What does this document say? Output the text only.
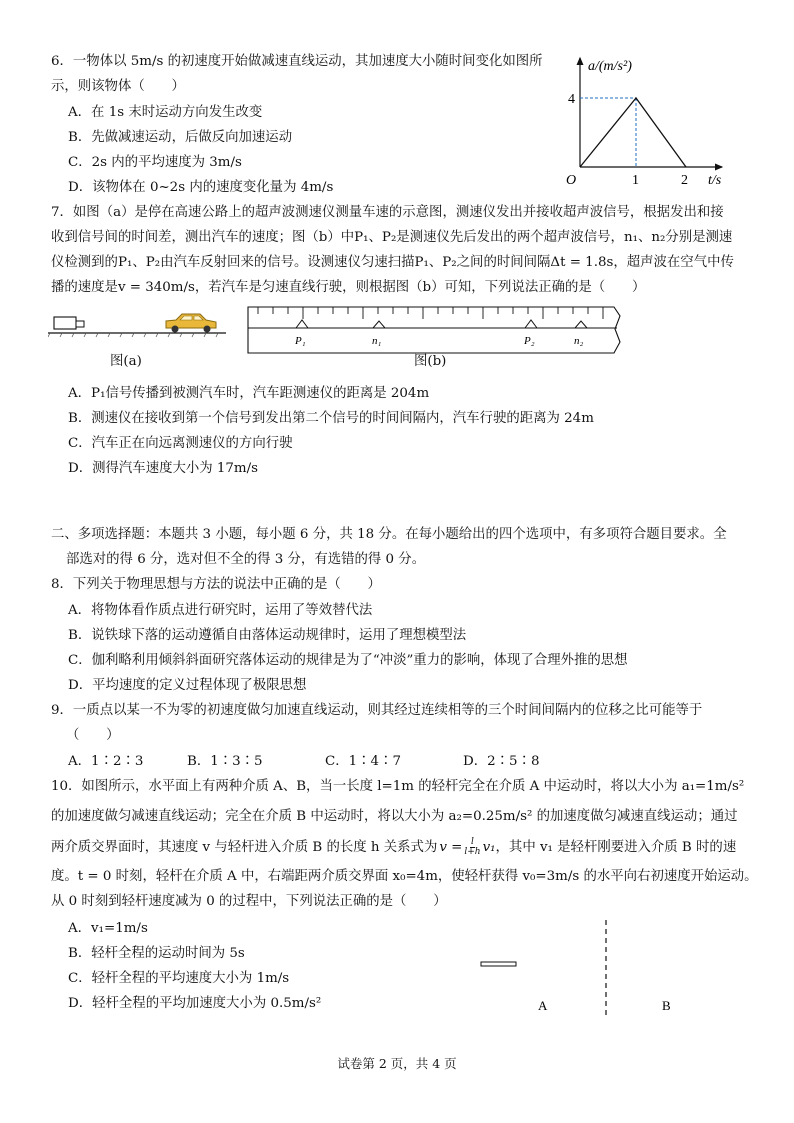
6．一物体以 5m/s 的初速度开始做减速直线运动，其加速度大小随时间变化如图所
示，则该物体（　　）
A．在 1s 末时运动方向发生改变
B．先做减速运动，后做反向加速运动
C．2s 内的平均速度为 3m/s
D．该物体在 0~2s 内的速度变化量为 4m/s
a/(m/s²)
t/s
O
4
1	2
7．如图（a）是停在高速公路上的超声波测速仪测量车速的示意图，测速仪发出并接收超声波信号，根据发出和接
收到信号间的时间差，测出汽车的速度；图（b）中P₁、P₂是测速仪先后发出的两个超声波信号，n₁、n₂分别是测速
仪检测到的P₁、P₂由汽车反射回来的信号。设测速仪匀速扫描P₁、P₂之间的时间间隔Δt = 1.8s，超声波在空气中传
播的速度是v = 340m/s，若汽车是匀速直线行驶，则根据图（b）可知，下列说法正确的是（　　）
图(a)
P₁	n₁	P₂	n₂
图(b)
A．P₁信号传播到被测汽车时，汽车距测速仪的距离是 204m
B．测速仪在接收到第一个信号到发出第二个信号的时间间隔内，汽车行驶的距离为 24m
C．汽车正在向远离测速仪的方向行驶
D．测得汽车速度大小为 17m/s
二、多项选择题：本题共 3 小题，每小题 6 分，共 18 分。在每小题给出的四个选项中，有多项符合题目要求。全
部选对的得 6 分，选对但不全的得 3 分，有选错的得 0 分。
8．下列关于物理思想与方法的说法中正确的是（　　）
A．将物体看作质点进行研究时，运用了等效替代法
B．说铁球下落的运动遵循自由落体运动规律时，运用了理想模型法
C．伽利略利用倾斜斜面研究落体运动的规律是为了“冲淡”重力的影响，体现了合理外推的思想
D．平均速度的定义过程体现了极限思想
9．一质点以某一不为零的初速度做匀加速直线运动，则其经过连续相等的三个时间间隔内的位移之比可能等于
（　　）
A．1∶2∶3	B．1∶3∶5	C．1∶4∶7	D．2∶5∶8
10．如图所示，水平面上有两种介质 A、B，当一长度 l=1m 的轻杆完全在介质 A 中运动时，将以大小为 a₁=1m/s²
的加速度做匀减速直线运动；完全在介质 B 中运动时，将以大小为 a₂=0.25m/s² 的加速度做匀减速直线运动；通过
两介质交界面时，其速度 v 与轻杆进入介质 B 的长度 h 关系式为 $v = \frac{l}{l+h} v_1$ ，其中 v₁ 是轻杆刚要进入介质 B 时的速
度。t = 0 时刻，轻杆在介质 A 中，右端距两介质交界面 x₀=4m，使轻杆获得 v₀=3m/s 的水平向右初速度开始运动。
从 0 时刻到轻杆速度减为 0 的过程中，下列说法正确的是（　　）
A．v₁=1m/s
B．轻杆全程的运动时间为 5s
C．轻杆全程的平均速度大小为 1m/s
D．轻杆全程的平均加速度大小为 0.5m/s²	A	B
试卷第 2 页，共 4 页
